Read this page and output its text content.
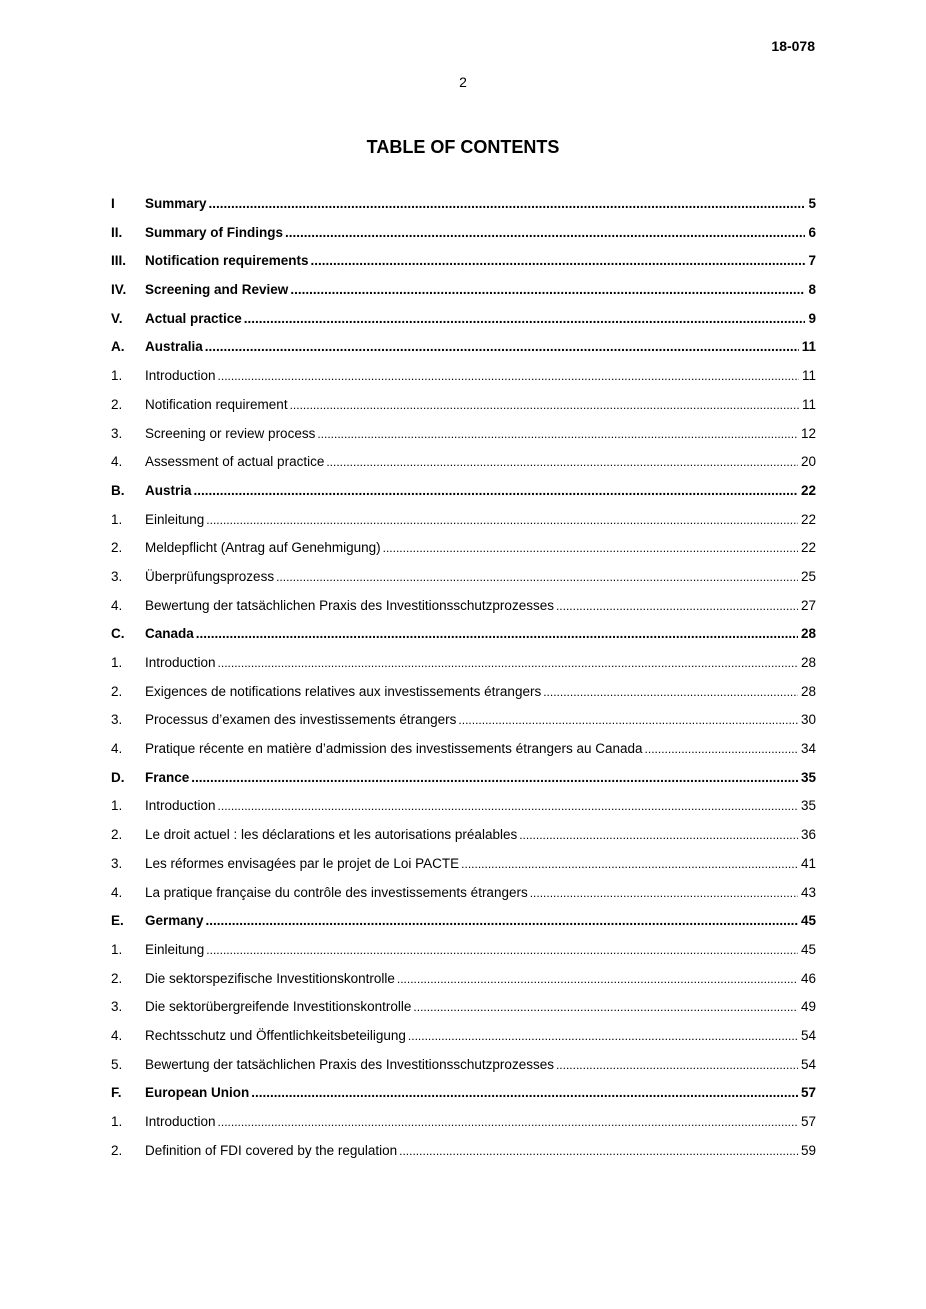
18-078
2
TABLE OF CONTENTS
I	Summary .....	5
II.	Summary of Findings .....	6
III.	Notification requirements .....	7
IV.	Screening and Review .....	8
V.	Actual practice .....	9
A.	Australia .....	11
1.	Introduction .....	11
2.	Notification requirement .....	11
3.	Screening or review process .....	12
4.	Assessment of actual practice .....	20
B.	Austria .....	22
1.	Einleitung .....	22
2.	Meldepflicht (Antrag auf Genehmigung) .....	22
3.	Überprüfungsprozess .....	25
4.	Bewertung der tatsächlichen Praxis des Investitionsschutzprozesses .....	27
C.	Canada .....	28
1.	Introduction .....	28
2.	Exigences de notifications relatives aux investissements étrangers .....	28
3.	Processus d’examen des investissements étrangers .....	30
4.	Pratique récente en matière d’admission des investissements étrangers au Canada .....	34
D.	France .....	35
1.	Introduction .....	35
2.	Le droit actuel : les déclarations et les autorisations préalables .....	36
3.	Les réformes envisagées par le projet de Loi PACTE .....	41
4.	La pratique française du contrôle des investissements étrangers .....	43
E.	Germany .....	45
1.	Einleitung .....	45
2.	Die sektorspezifische Investitionskontrolle .....	46
3.	Die sektorübergreifende Investitionskontrolle .....	49
4.	Rechtsschutz und Öffentlichkeitsbeteiligung .....	54
5.	Bewertung der tatsächlichen Praxis des Investitionsschutzprozesses .....	54
F.	European Union .....	57
1.	Introduction .....	57
2.	Definition of FDI covered by the regulation .....	59
